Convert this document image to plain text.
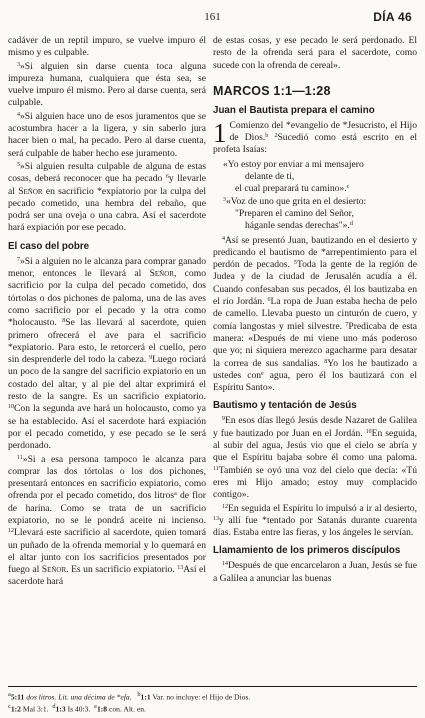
161	DÍA 46

cadáver de un reptil impuro, se vuelve impuro él mismo y es culpable.

$^3$»Si alguien sin darse cuenta toca alguna impureza humana, cualquiera que ésta sea, se vuelve impuro él mismo. Pero al darse cuenta, será culpable.

$^4$»Si alguien hace uno de esos juramentos que se acostumbra hacer a la ligera, y sin saberlo jura hacer bien o mal, ha pecado. Pero al darse cuenta, será culpable de haber hecho ese juramento.

$^5$»Si alguien resulta culpable de alguna de estas cosas, deberá reconocer que ha pecado $^6$y llevarle al Señor en sacrificio *expiatorio por la culpa del pecado cometido, una hembra del rebaño, que podrá ser una oveja o una cabra. Así el sacerdote hará expiación por ese pecado.

El caso del pobre

$^7$»Si a alguien no le alcanza para comprar ganado menor, entonces le llevará al Señor, como sacrificio por la culpa del pecado cometido, dos tórtolas o dos pichones de paloma, una de las aves como sacrificio por el pecado y la otra como *holocausto. $^8$Se las llevará al sacerdote, quien primero ofrecerá el ave para el sacrificio *expiatorio. Para esto, le retorcerá el cuello, pero sin desprenderle del todo la cabeza. $^9$Luego rociará un poco de la sangre del sacrificio expiatorio en un costado del altar, y al pie del altar exprimirá el resto de la sangre. Es un sacrificio expiatorio. $^{10}$Con la segunda ave hará un holocausto, como ya se ha establecido. Así el sacerdote hará expiación por el pecado cometido, y ese pecado se le será perdonado.

$^{11}$»Si a esa persona tampoco le alcanza para comprar las dos tórtolas o los dos pichones, presentará entonces en sacrificio expiatorio, como ofrenda por el pecado cometido, dos litros$^a$ de flor de harina. Como se trata de un sacrificio expiatorio, no se le pondrá aceite ni incienso. $^{12}$Llevará este sacrificio al sacerdote, quien tomará un puñado de la ofrenda memorial y lo quemará en el altar junto con los sacrificios presentados por fuego al Señor. Es un sacrificio expiatorio. $^{13}$Así el sacerdote hará

de estas cosas, y ese pecado le será perdonado. El resto de la ofrenda será para el sacerdote, como sucede con la ofrenda de cereal».

MARCOS 1:1—1:28
Juan el Bautista prepara el camino

1 Comienzo del *evangelio de *Jesucristo, el Hijo de Dios.$^b$ $^2$Sucedió como está escrito en el profeta Isaías:

«Yo estoy por enviar a mi mensajero
delante de ti,
el cual preparará tu camino».$^c$
$^3$«Voz de uno que grita en el desierto:
"Preparen el camino del Señor,
háganle sendas derechas"».$^d$

$^4$Así se presentó Juan, bautizando en el desierto y predicando el bautismo de *arrepentimiento para el perdón de pecados. $^5$Toda la gente de la región de Judea y de la ciudad de Jerusalén acudía a él. Cuando confesaban sus pecados, él los bautizaba en el río Jordán. $^6$La ropa de Juan estaba hecha de pelo de camello. Llevaba puesto un cinturón de cuero, y comía langostas y miel silvestre. $^7$Predicaba de esta manera: «Después de mí viene uno más poderoso que yo; ni siquiera merezco agacharme para desatar la correa de sus sandalias. $^8$Yo los he bautizado a ustedes con$^e$ agua, pero él los bautizará con el Espíritu Santo».

Bautismo y tentación de Jesús

$^9$En esos días llegó Jesús desde Nazaret de Galilea y fue bautizado por Juan en el Jordán. $^{10}$En seguida, al subir del agua, Jesús vio que el cielo se abría y que el Espíritu bajaba sobre él como una paloma. $^{11}$También se oyó una voz del cielo que decía: «Tú eres mi Hijo amado; estoy muy complacido contigo».

$^{12}$En seguida el Espíritu lo impulsó a ir al desierto, $^{13}$y allí fue *tentado por Satanás durante cuarenta días. Estaba entre las fieras, y los ángeles le servían.

Llamamiento de los primeros discípulos

$^{14}$Después de que encarcelaron a Juan, Jesús se fue a Galilea a anunciar las buenas

$^a$5:11 dos litros. Lit. una décima de *efa. $^b$1:1 Var. no incluye: el Hijo de Dios.
$^c$1:2 Mal 3:1. $^d$1:3 Is 40:3. $^e$1:8 con. Alt. en.
